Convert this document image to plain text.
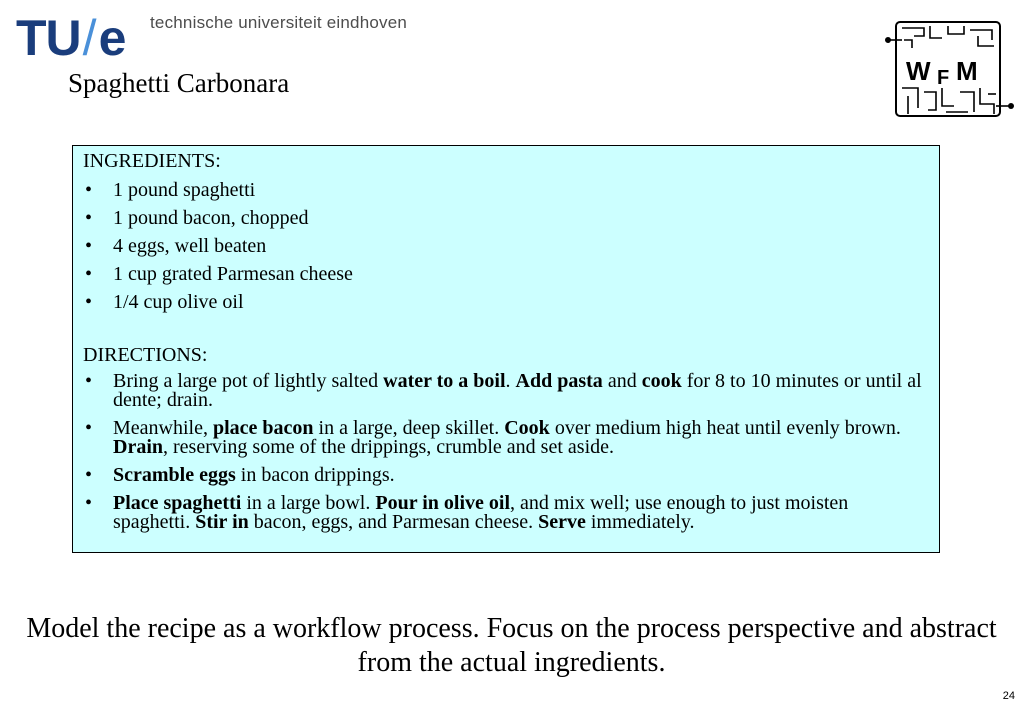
TU / e technische universiteit eindhoven
Spaghetti Carbonara	W F M

INGREDIENTS:

• 1 pound spaghetti
• 1 pound bacon, chopped
• 4 eggs, well beaten
• 1 cup grated Parmesan cheese
• 1/4 cup olive oil

DIRECTIONS:

• Bring a large pot of lightly salted water to a boil. Add pasta and cook for 8 to 10 minutes or until al dente; drain.
• Meanwhile, place bacon in a large, deep skillet. Cook over medium high heat until evenly brown. Drain, reserving some of the drippings, crumble and set aside.
• Scramble eggs in bacon drippings.
• Place spaghetti in a large bowl. Pour in olive oil, and mix well; use enough to just moisten spaghetti. Stir in bacon, eggs, and Parmesan cheese. Serve immediately.
Model the recipe as a workflow process. Focus on the process perspective and abstract from the actual ingredients.
24
